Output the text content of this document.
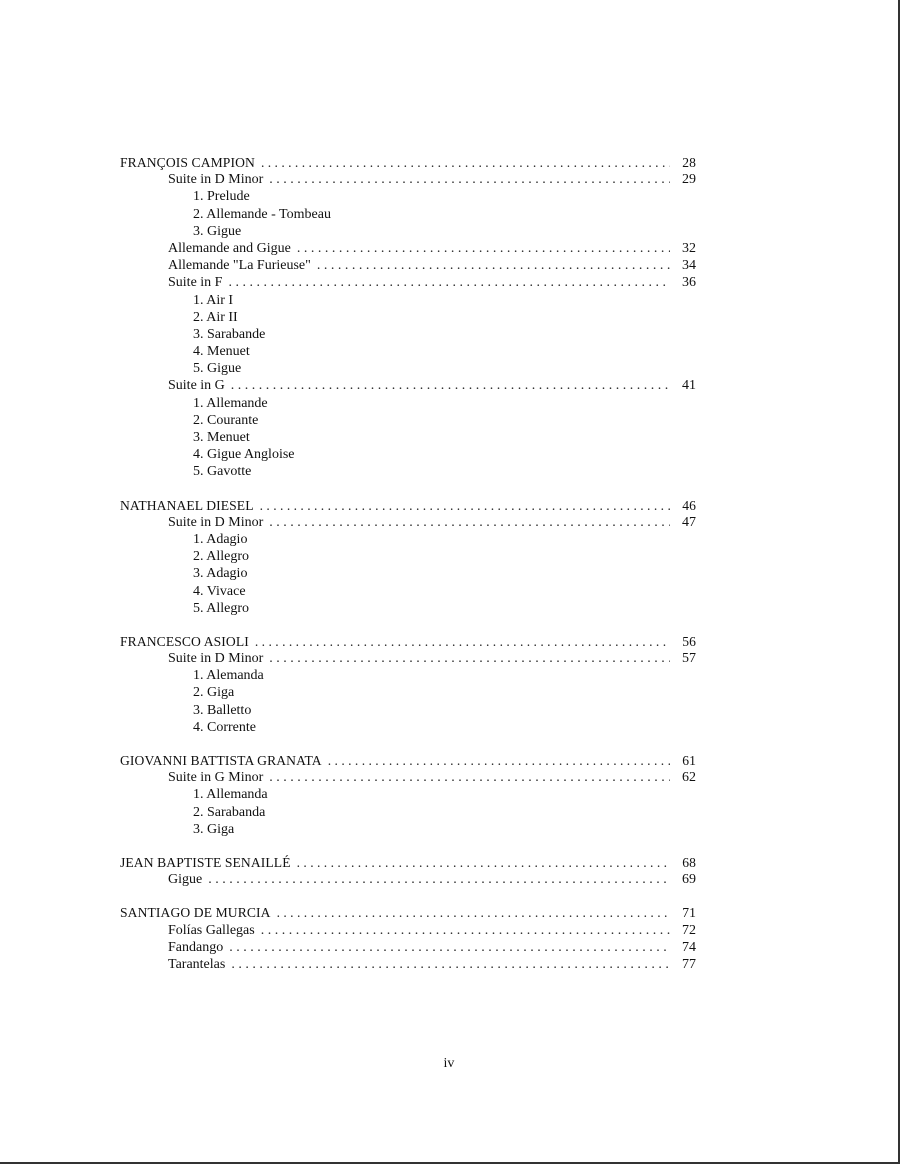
FRANÇOIS CAMPION . . .	28
Suite in D Minor . . .	29
1. Prelude
2. Allemande - Tombeau
3. Gigue
Allemande and Gigue . . .	32
Allemande "La Furieuse" . . .	34
Suite in F . . .	36
1. Air I
2. Air II
3. Sarabande
4. Menuet
5. Gigue
Suite in G . . .	41
1. Allemande
2. Courante
3. Menuet
4. Gigue Angloise
5. Gavotte
NATHANAEL DIESEL . . .	46
Suite in D Minor . . .	47
1. Adagio
2. Allegro
3. Adagio
4. Vivace
5. Allegro
FRANCESCO ASIOLI . . .	56
Suite in D Minor . . .	57
1. Alemanda
2. Giga
3. Balletto
4. Corrente
GIOVANNI BATTISTA GRANATA . . .	61
Suite in G Minor . . .	62
1. Allemanda
2. Sarabanda
3. Giga
JEAN BAPTISTE SENAILLÉ . . .	68
Gigue . . .	69
SANTIAGO DE MURCIA . . .	71
Folías Gallegas . . .	72
Fandango . . .	74
Tarantelas . . .	77
iv
